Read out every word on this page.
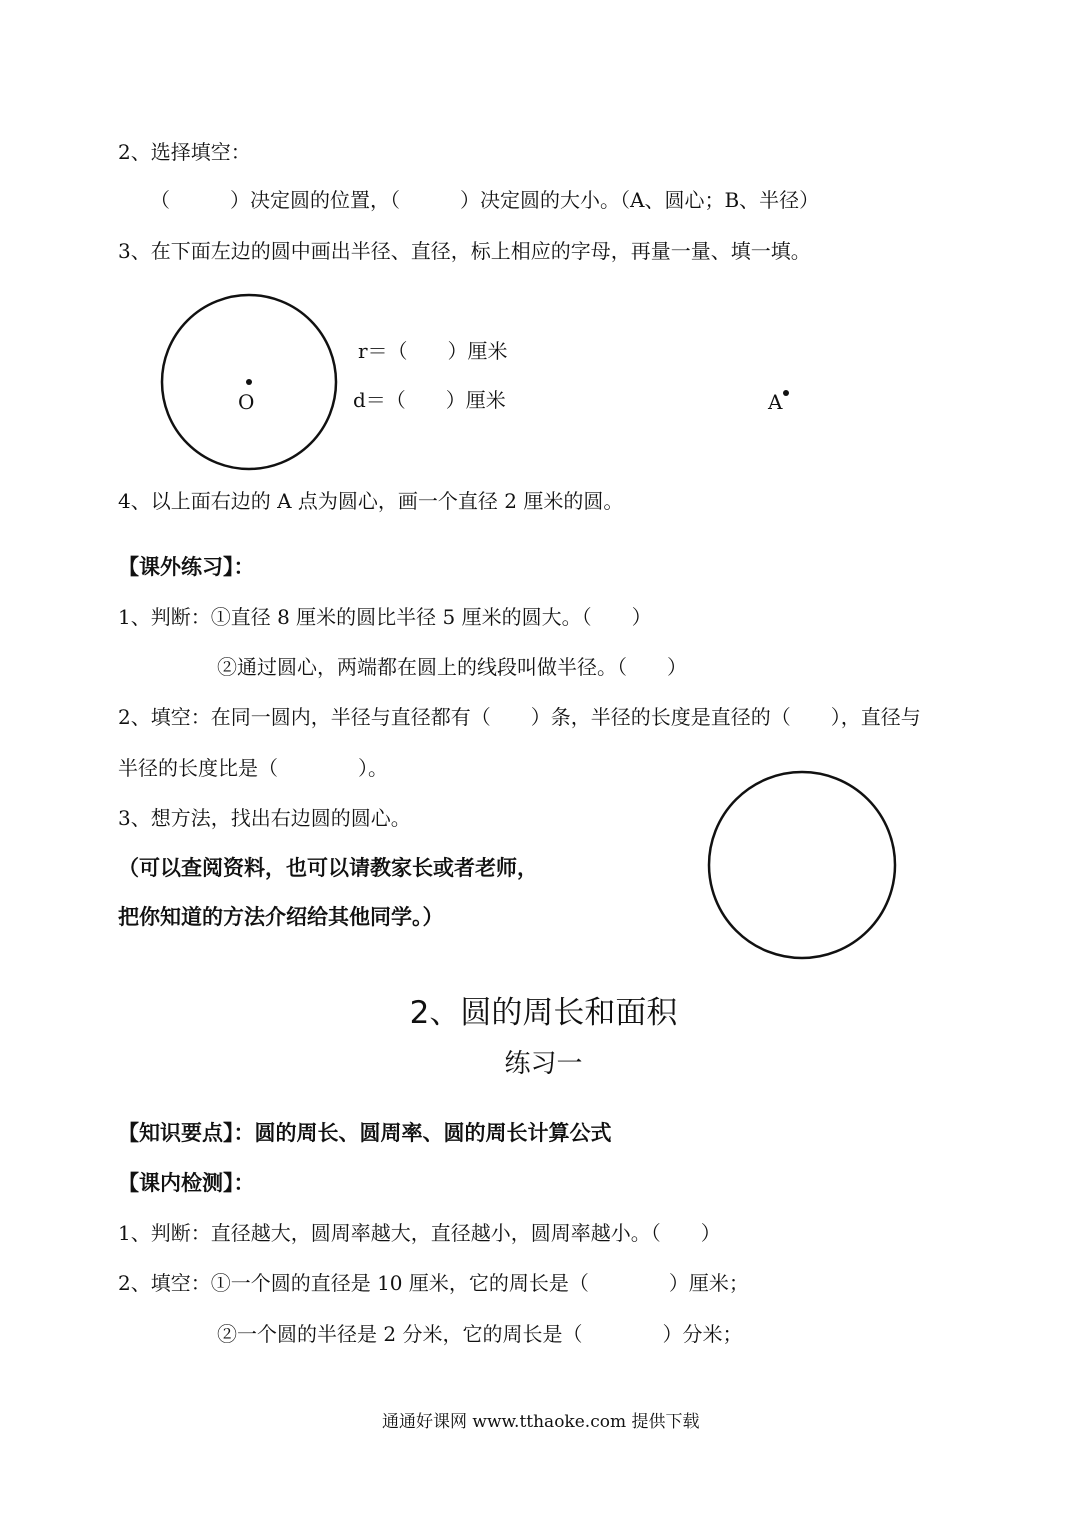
2、选择填空：
（　　　）决定圆的位置，（　　　）决定圆的大小。（A、圆心；B、半径）
3、在下面左边的圆中画出半径、直径，标上相应的字母，再量一量、填一填。
O
r＝（　　）厘米
d＝（　　）厘米	A
4、以上面右边的 A 点为圆心，画一个直径 2 厘米的圆。
【课外练习】：
1、判断：①直径 8 厘米的圆比半径 5 厘米的圆大。（　　）
②通过圆心，两端都在圆上的线段叫做半径。（　　）
2、填空：在同一圆内，半径与直径都有（　　）条，半径的长度是直径的（　　），直径与
半径的长度比是（　　　　）。
3、想方法，找出右边圆的圆心。
（可以查阅资料，也可以请教家长或者老师，
把你知道的方法介绍给其他同学。）
2、圆的周长和面积
练习一
【知识要点】：圆的周长、圆周率、圆的周长计算公式
【课内检测】：
1、判断：直径越大，圆周率越大，直径越小，圆周率越小。（　　）
2、填空：①一个圆的直径是 10 厘米，它的周长是（　　　　）厘米；
②一个圆的半径是 2 分米，它的周长是（　　　　）分米；
通通好课网 www.tthaoke.com 提供下载
